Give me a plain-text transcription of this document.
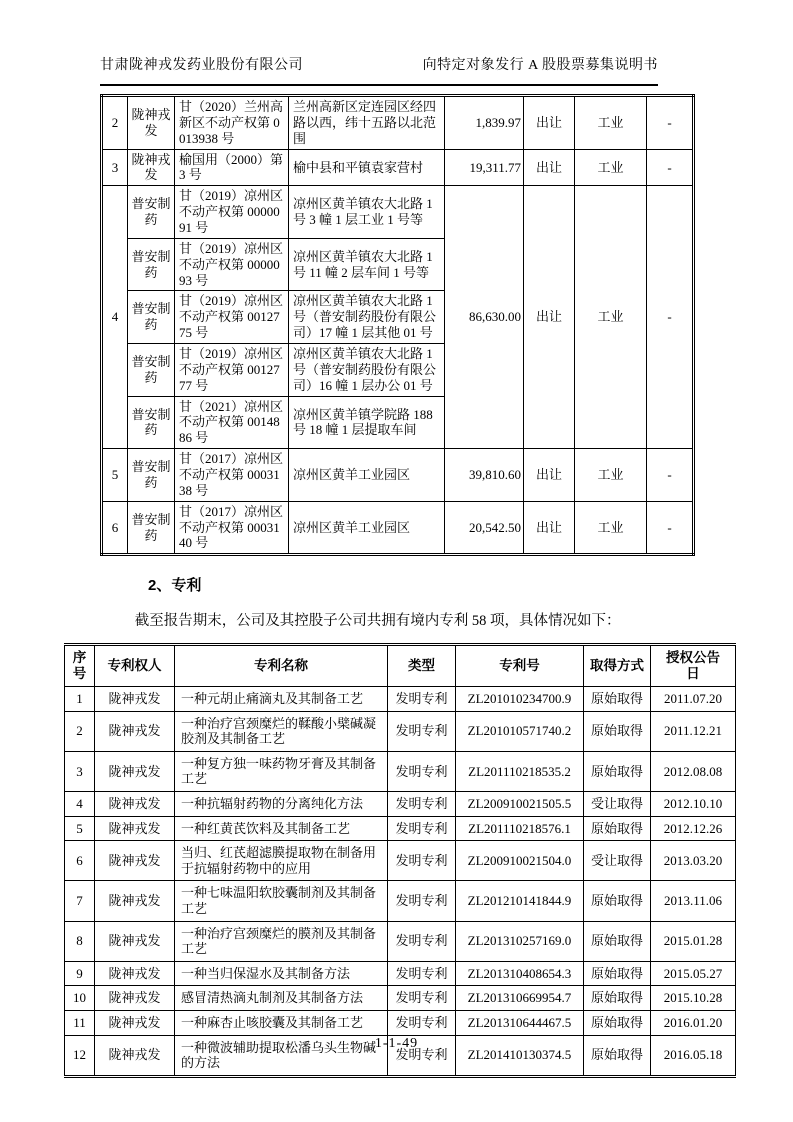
甘肃陇神戎发药业股份有限公司	向特定对象发行 A 股股票募集说明书
2	陇神戎发	甘（2020）兰州高新区不动产权第 0013938 号	兰州高新区定连园区经四路以西，纬十五路以北范围	1,839.97	出让	工业	-
3	陇神戎发	榆国用（2000）第 3 号	榆中县和平镇袁家营村	19,311.77	出让	工业	-
4	普安制药	甘（2019）凉州区不动产权第 0000091 号	凉州区黄羊镇农大北路 1 号 3 幢 1 层工业 1 号等	86,630.00	出让	工业	-
	普安制药	甘（2019）凉州区不动产权第 0000093 号	凉州区黄羊镇农大北路 1 号 11 幢 2 层车间 1 号等				
	普安制药	甘（2019）凉州区不动产权第 0012775 号	凉州区黄羊镇农大北路 1 号（普安制药股份有限公司）17 幢 1 层其他 01 号				
	普安制药	甘（2019）凉州区不动产权第 0012777 号	凉州区黄羊镇农大北路 1 号（普安制药股份有限公司）16 幢 1 层办公 01 号				
	普安制药	甘（2021）凉州区不动产权第 0014886 号	凉州区黄羊镇学院路 188 号 18 幢 1 层提取车间				
5	普安制药	甘（2017）凉州区不动产权第 0003138 号	凉州区黄羊工业园区	39,810.60	出让	工业	-
6	普安制药	甘（2017）凉州区不动产权第 0003140 号	凉州区黄羊工业园区	20,542.50	出让	工业	-
2、专利

截至报告期末，公司及其控股子公司共拥有境内专利 58 项，具体情况如下：

序号	专利权人	专利名称	类型	专利号	取得方式	授权公告日
1	陇神戎发	一种元胡止痛滴丸及其制备工艺	发明专利	ZL201010234700.9	原始取得	2011.07.20
2	陇神戎发	一种治疗宫颈糜烂的鞣酸小檗碱凝胶剂及其制备工艺	发明专利	ZL201010571740.2	原始取得	2011.12.21
3	陇神戎发	一种复方独一味药物牙膏及其制备工艺	发明专利	ZL201110218535.2	原始取得	2012.08.08
4	陇神戎发	一种抗辐射药物的分离纯化方法	发明专利	ZL200910021505.5	受让取得	2012.10.10
5	陇神戎发	一种红黄芪饮料及其制备工艺	发明专利	ZL201110218576.1	原始取得	2012.12.26
6	陇神戎发	当归、红芪超滤膜提取物在制备用于抗辐射药物中的应用	发明专利	ZL200910021504.0	受让取得	2013.03.20
7	陇神戎发	一种七味温阳软胶囊制剂及其制备工艺	发明专利	ZL201210141844.9	原始取得	2013.11.06
8	陇神戎发	一种治疗宫颈糜烂的膜剂及其制备工艺	发明专利	ZL201310257169.0	原始取得	2015.01.28
9	陇神戎发	一种当归保湿水及其制备方法	发明专利	ZL201310408654.3	原始取得	2015.05.27
10	陇神戎发	感冒清热滴丸制剂及其制备方法	发明专利	ZL201310669954.7	原始取得	2015.10.28
11	陇神戎发	一种麻杏止咳胶囊及其制备工艺	发明专利	ZL201310644467.5	原始取得	2016.01.20
12	陇神戎发	一种微波辅助提取松潘乌头生物碱的方法	发明专利	ZL201410130374.5	原始取得	2016.05.18
1-1-49
